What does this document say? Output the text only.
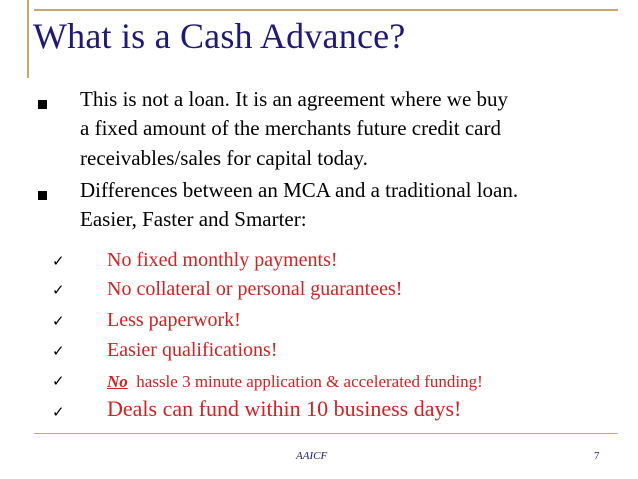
What is a Cash Advance?
This is not a loan. It is an agreement where we buy
a fixed amount of the merchants future credit card
receivables/sales for capital today.
Differences between an MCA and a traditional loan.
Easier, Faster and Smarter:
✓ No fixed monthly payments!
✓ No collateral or personal guarantees!
✓ Less paperwork!
✓ Easier qualifications!
✓ No hassle 3 minute application & accelerated funding!
✓ Deals can fund within 10 business days!
AAICF	7
